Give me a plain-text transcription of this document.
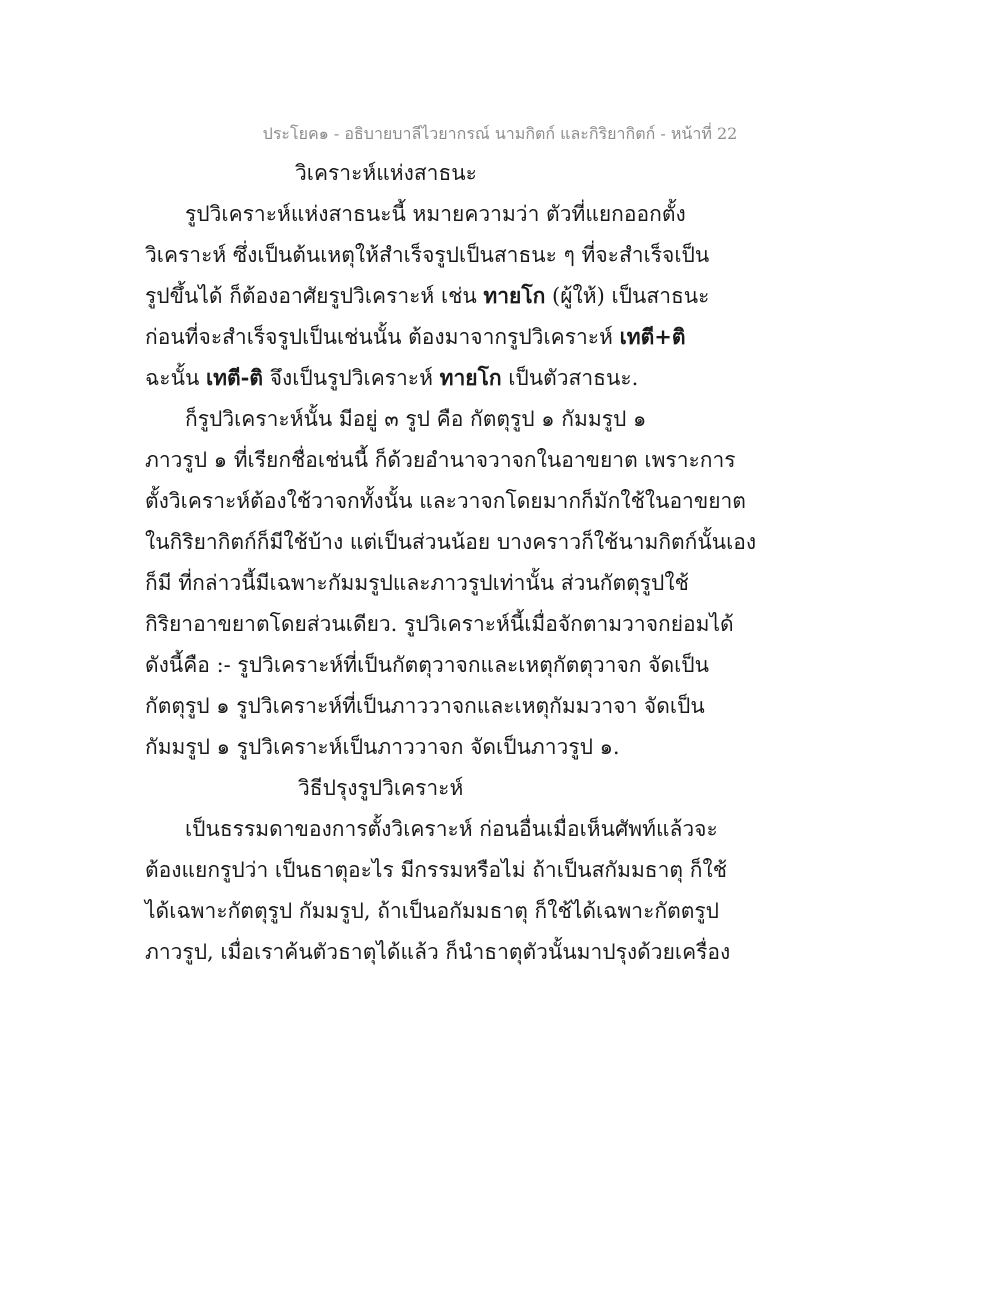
ประโยค๑ - อธิบายบาลีไวยากรณ์ นามกิตก์ และกิริยากิตก์ - หน้าที่ 22
วิเคราะห์แห่งสาธนะ
รูปวิเคราะห์แห่งสาธนะนี้ หมายความว่า ตัวที่แยกออกตั้ง
วิเคราะห์ ซึ่งเป็นต้นเหตุให้สำเร็จรูปเป็นสาธนะ ๆ ที่จะสำเร็จเป็น
รูปขึ้นได้ ก็ต้องอาศัยรูปวิเคราะห์ เช่น ทายโก (ผู้ให้) เป็นสาธนะ
ก่อนที่จะสำเร็จรูปเป็นเช่นนั้น ต้องมาจากรูปวิเคราะห์ เทตี+ติ
ฉะนั้น เทตี-ติ จึงเป็นรูปวิเคราะห์ ทายโก เป็นตัวสาธนะ.
ก็รูปวิเคราะห์นั้น มีอยู่ ๓ รูป คือ กัตตุรูป ๑ กัมมรูป ๑
ภาวรูป ๑ ที่เรียกชื่อเช่นนี้ ก็ด้วยอำนาจวาจกในอาขยาต เพราะการ
ตั้งวิเคราะห์ต้องใช้วาจกทั้งนั้น และวาจกโดยมากก็มักใช้ในอาขยาต
ในกิริยากิตก์ก็มีใช้บ้าง แต่เป็นส่วนน้อย บางคราวก็ใช้นามกิตก์นั้นเอง
ก็มี ที่กล่าวนี้มีเฉพาะกัมมรูปและภาวรูปเท่านั้น ส่วนกัตตุรูปใช้
กิริยาอาขยาตโดยส่วนเดียว. รูปวิเคราะห์นี้เมื่อจักตามวาจกย่อมได้
ดังนี้คือ :- รูปวิเคราะห์ที่เป็นกัตตุวาจกและเหตุกัตตุวาจก จัดเป็น
กัตตุรูป ๑ รูปวิเคราะห์ที่เป็นภาววาจกและเหตุกัมมวาจา จัดเป็น
กัมมรูป ๑ รูปวิเคราะห์เป็นภาววาจก จัดเป็นภาวรูป ๑.
วิธีปรุงรูปวิเคราะห์
เป็นธรรมดาของการตั้งวิเคราะห์ ก่อนอื่นเมื่อเห็นศัพท์แล้วจะ
ต้องแยกรูปว่า เป็นธาตุอะไร มีกรรมหรือไม่ ถ้าเป็นสกัมมธาตุ ก็ใช้
ได้เฉพาะกัตตุรูป กัมมรูป, ถ้าเป็นอกัมมธาตุ ก็ใช้ได้เฉพาะกัตตรูป
ภาวรูป, เมื่อเราค้นตัวธาตุได้แล้ว ก็นำธาตุตัวนั้นมาปรุงด้วยเครื่อง
